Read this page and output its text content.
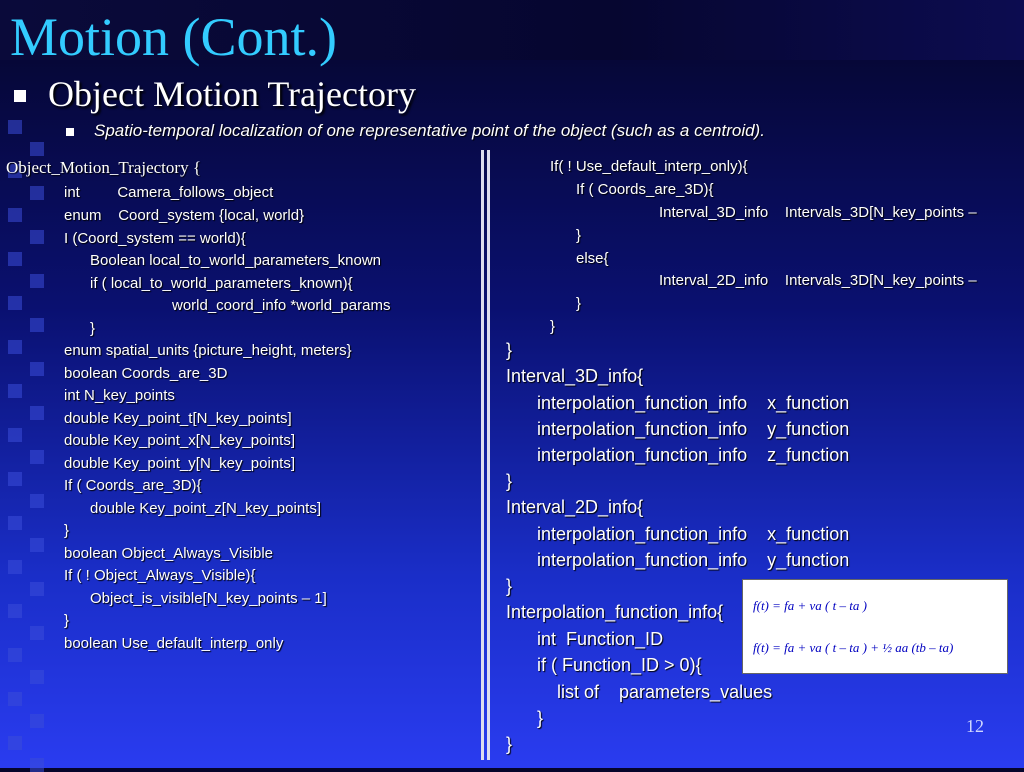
Motion (Cont.)
Object Motion Trajectory
Spatio-temporal localization of one representative point of the object (such as a centroid).
Object_Motion_Trajectory {
int         Camera_follows_object
enum    Coord_system {local, world}
I (Coord_system == world){
Boolean local_to_world_parameters_known
if ( local_to_world_parameters_known){
world_coord_info *world_params
}
enum spatial_units {picture_height, meters}
boolean Coords_are_3D
int N_key_points
double Key_point_t[N_key_points]
double Key_point_x[N_key_points]
double Key_point_y[N_key_points]
If ( Coords_are_3D){
double Key_point_z[N_key_points]
}
boolean Object_Always_Visible
If ( ! Object_Always_Visible){
Object_is_visible[N_key_points – 1]
}
boolean Use_default_interp_only
If( ! Use_default_interp_only){
If ( Coords_are_3D){
Interval_3D_info    Intervals_3D[N_key_points –
}
else{
Interval_2D_info    Intervals_3D[N_key_points –
}
}
}
Interval_3D_info{
interpolation_function_info    x_function
interpolation_function_info    y_function
interpolation_function_info    z_function
}
Interval_2D_info{
interpolation_function_info    x_function
interpolation_function_info    y_function
}
Interpolation_function_info{
int  Function_ID
if ( Function_ID > 0){
list of    parameters_values
}
}
f(t) = fa + va ( t – ta )
f(t) = fa + va ( t – ta ) + ½ aa (tb – ta)
12
